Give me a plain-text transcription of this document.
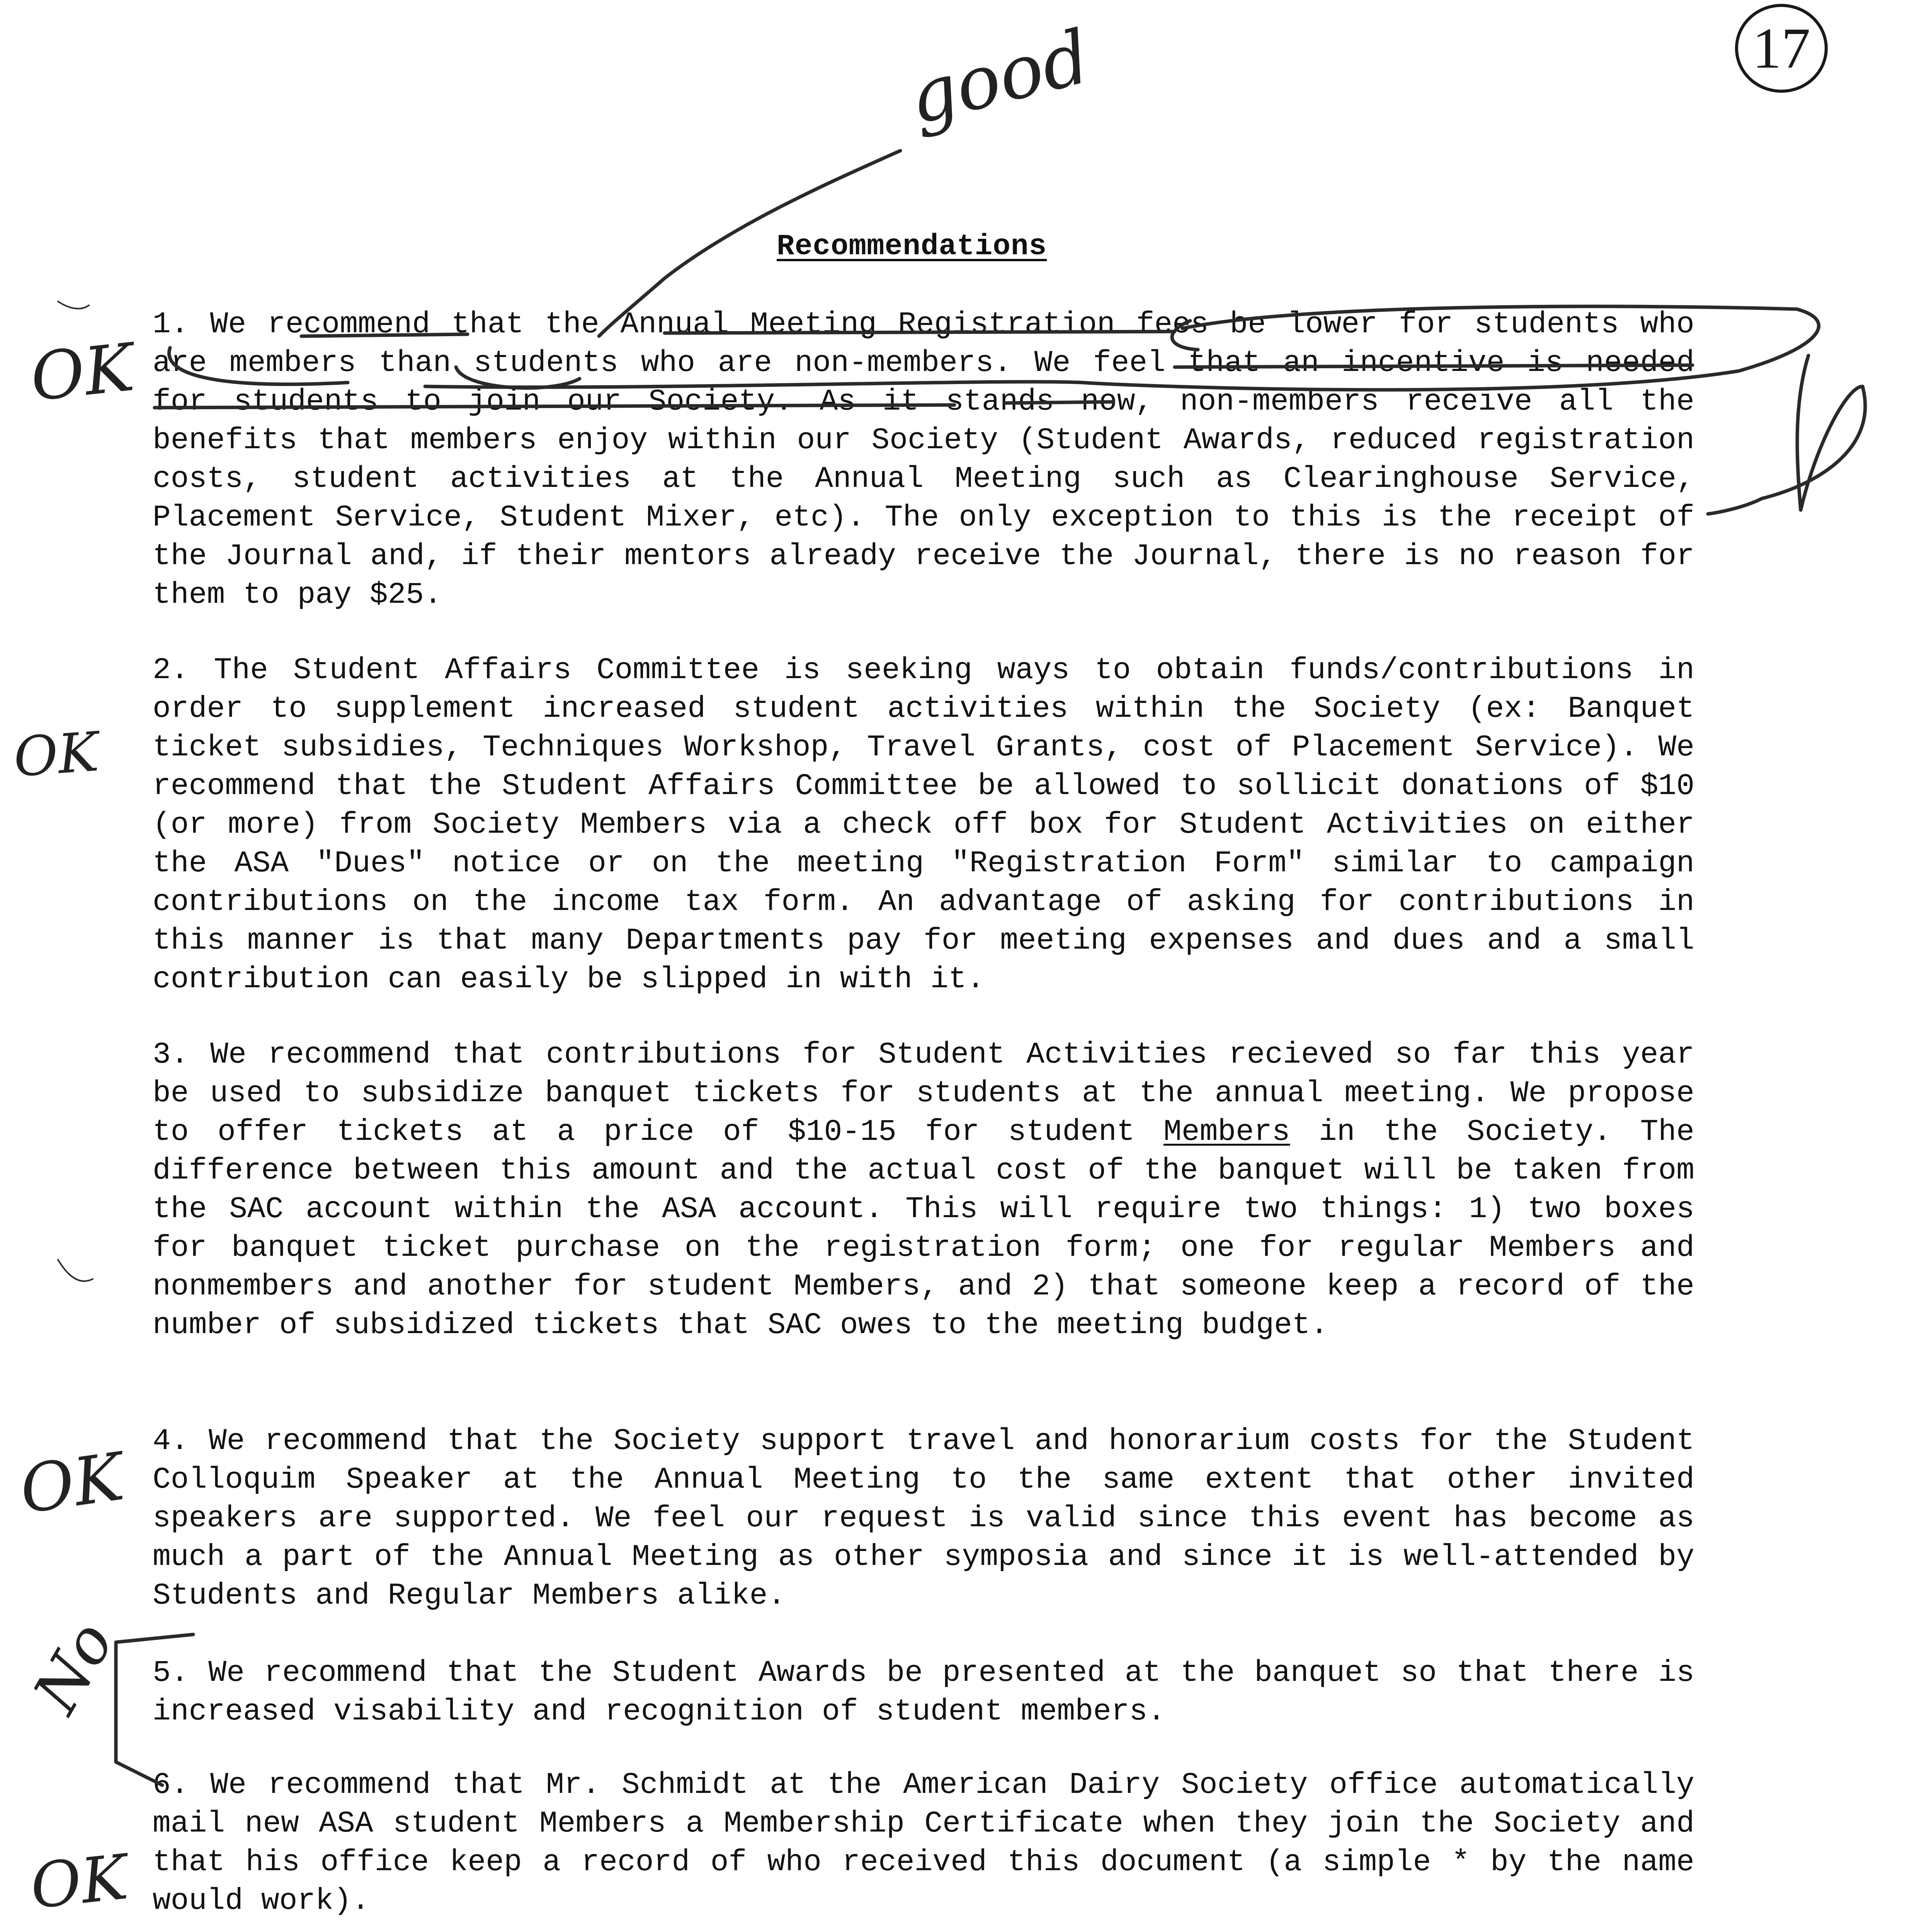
17
Recommendations

1. We recommend that the Annual Meeting Registration fees be lower for students who are members than students who are non-members. We feel that an incentive is needed for students to join our Society. As it stands now, non-members receive all the benefits that members enjoy within our Society (Student Awards, reduced registration costs, student activities at the Annual Meeting such as Clearinghouse Service, Placement Service, Student Mixer, etc). The only exception to this is the receipt of the Journal and, if their mentors already receive the Journal, there is no reason for them to pay $25.

2. The Student Affairs Committee is seeking ways to obtain funds/contributions in order to supplement increased student activities within the Society (ex: Banquet ticket subsidies, Techniques Workshop, Travel Grants, cost of Placement Service). We recommend that the Student Affairs Committee be allowed to sollicit donations of $10 (or more) from Society Members via a check off box for Student Activities on either the ASA "Dues" notice or on the meeting "Registration Form" similar to campaign contributions on the income tax form. An advantage of asking for contributions in this manner is that many Departments pay for meeting expenses and dues and a small contribution can easily be slipped in with it.

3. We recommend that contributions for Student Activities recieved so far this year be used to subsidize banquet tickets for students at the annual meeting. We propose to offer tickets at a price of $10-15 for student Members in the Society. The difference between this amount and the actual cost of the banquet will be taken from the SAC account within the ASA account. This will require two things: 1) two boxes for banquet ticket purchase on the registration form; one for regular Members and nonmembers and another for student Members, and 2) that someone keep a record of the number of subsidized tickets that SAC owes to the meeting budget.

4. We recommend that the Society support travel and honorarium costs for the Student Colloquim Speaker at the Annual Meeting to the same extent that other invited speakers are supported. We feel our request is valid since this event has become as much a part of the Annual Meeting as other symposia and since it is well-attended by Students and Regular Members alike.

5. We recommend that the Student Awards be presented at the banquet so that there is increased visability and recognition of student members.

6. We recommend that Mr. Schmidt at the American Dairy Society office automatically mail new ASA student Members a Membership Certificate when they join the Society and that his office keep a record of who received this document (a simple * by the name would work).

good
OK
OK
OK
No
OK
